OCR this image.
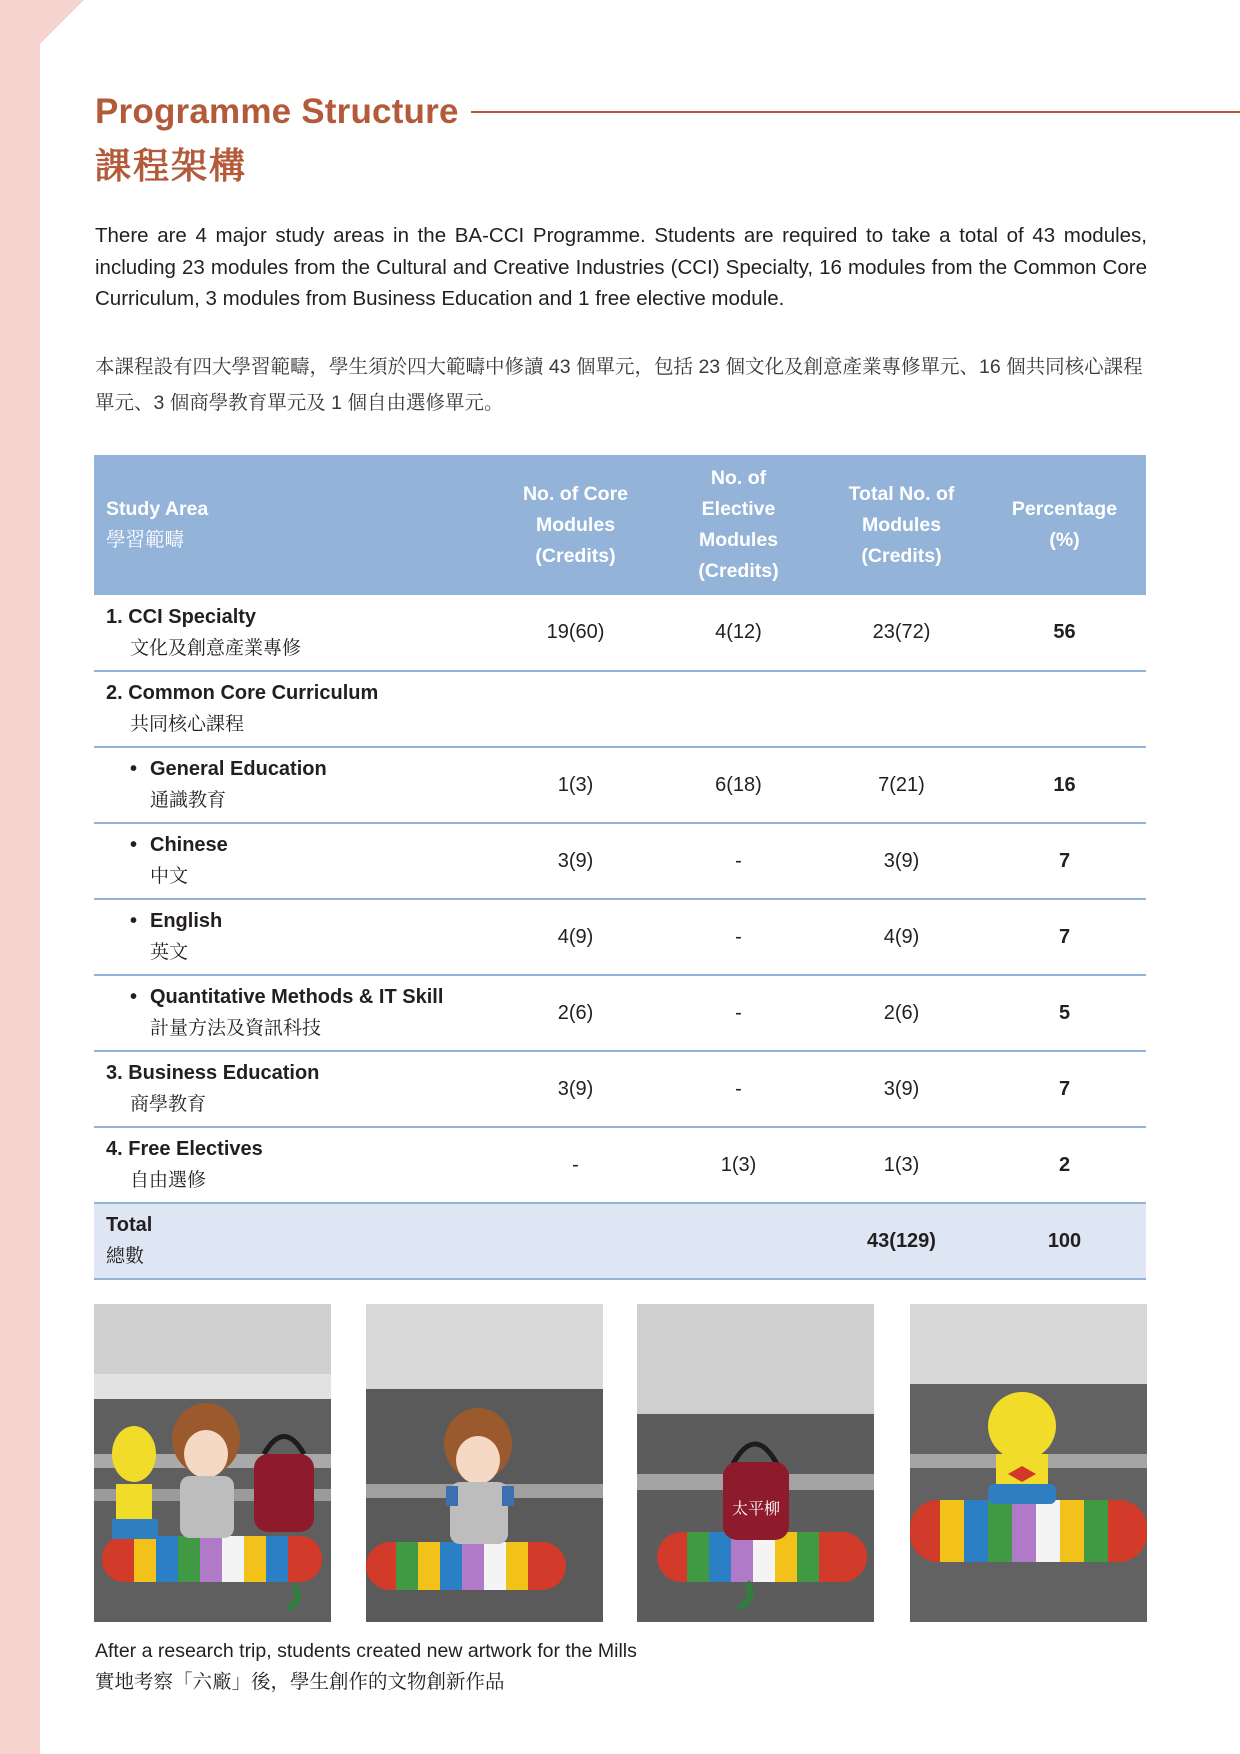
Programme Structure
課程架構

There are 4 major study areas in the BA-CCI Programme. Students are required to take a total of 43 modules, including 23 modules from the Cultural and Creative Industries (CCI) Specialty, 16 modules from the Common Core Curriculum, 3 modules from Business Education and 1 free elective module.

本課程設有四大學習範疇，學生須於四大範疇中修讀 43 個單元，包括 23 個文化及創意產業專修單元、16 個共同核心課程單元、3 個商學教育單元及 1 個自由選修單元。

Study Area
學習範疇	No. of Core
Modules
(Credits)	No. of
Elective
Modules
(Credits)	Total No. of
Modules
(Credits)	Percentage
(%)

1. CCI Specialty
文化及創意產業專修	19(60)	4(12)	23(72)	56

2. Common Core Curriculum
共同核心課程				

• General Education
通識教育	1(3)	6(18)	7(21)	16

• Chinese
中文	3(9)	-	3(9)	7

• English
英文	4(9)	-	4(9)	7

• Quantitative Methods & IT Skill
計量方法及資訊科技	2(6)	-	2(6)	5

3. Business Education
商學教育	3(9)	-	3(9)	7

4. Free Electives
自由選修	-	1(3)	1(3)	2

Total
總數			43(129)	100
太平柳
After a research trip, students created new artwork for the Mills
實地考察「六廠」後，學生創作的文物創新作品
